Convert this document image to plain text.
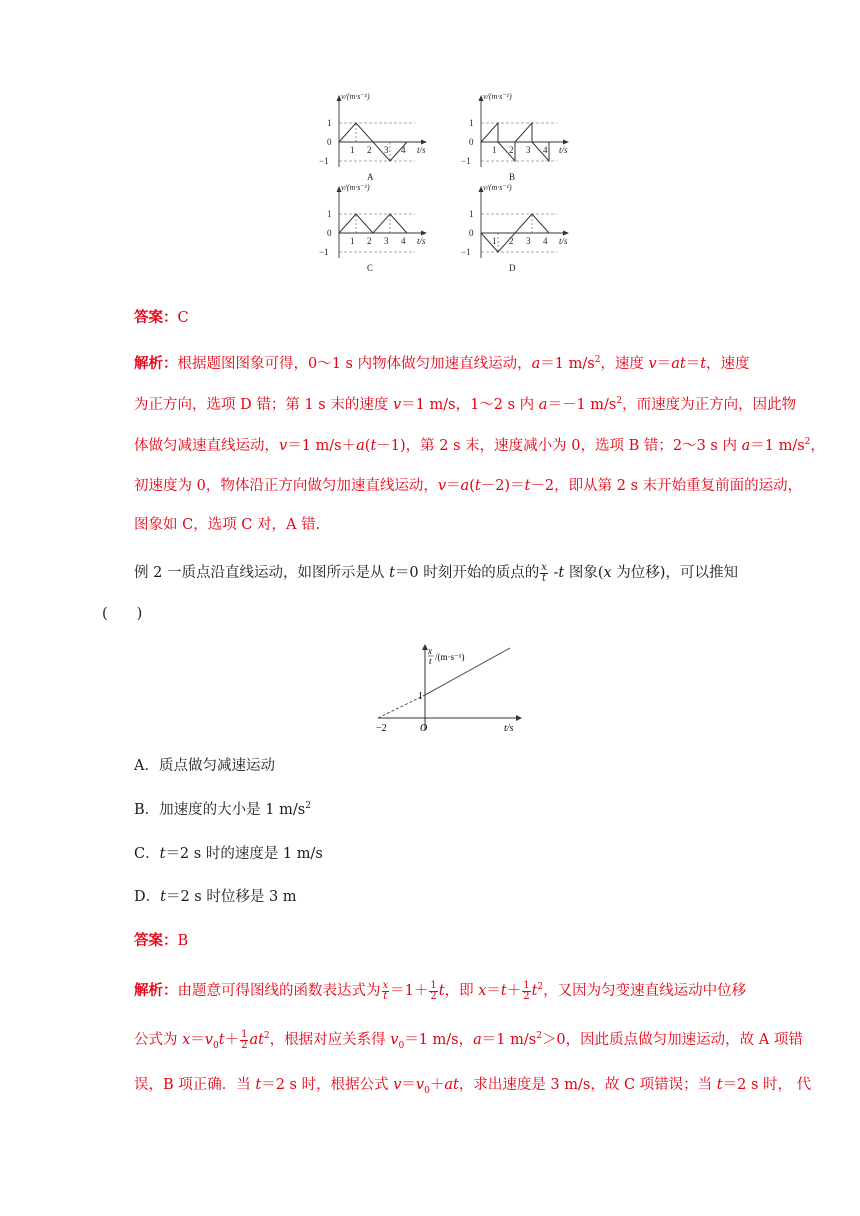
1
0
−1
1 2 3 4
v/(m·s⁻¹)
t/s
A
1
0
−1
1 2 3 4
v/(m·s⁻¹)
t/s
B
1
0
−1
1 2 3 4
v/(m·s⁻¹)
t/s
C
1
0
−1
1 2 3 4
v/(m·s⁻¹)
t/s
D
答案：C
解析：根据题图图象可得，0～1 s 内物体做匀加速直线运动，a＝1 $m/s^2$，速度 v＝at＝t，速度
为正方向，选项 D 错；第 1 s 末的速度 v＝1 m/s，1～2 s 内 a＝－1 $m/s^2$，而速度为正方向，因此物
体做匀减速直线运动，v＝1 m/s＋a(t－1)，第 2 s 末，速度减小为 0，选项 B 错；2～3 s 内 a＝1 $m/s^2$，
初速度为 0，物体沿正方向做匀加速直线运动，v＝a(t－2)＝t－2，即从第 2 s 末开始重复前面的运动，
图象如 C，选项 C 对，A 错.
例 2 一质点沿直线运动，如图所示是从 t＝0 时刻开始的质点的 $\frac{x}{t} -t$ 图象(x 为位移)，可以推知
(　　)
x
t /(m·s⁻¹)
1
O
−2	t/s
A．质点做匀减速运动
B．加速度的大小是 1 $m/s^2$
C．t＝2 s 时的速度是 1 m/s
D．t＝2 s 时位移是 3 m
答案：B
解析：由题意可得图线的函数表达式为 $\frac{x}{t} =1+ \frac{1}{2}$ t，即 $x=t+ \frac{1}{2} t^2$，又因为匀变速直线运动中位移
公式为 $x=v_0t+ \frac{1}{2} at^2$，根据对应关系得 $v_0=1$ m/s，a＝1 $m/s^2>0$，因此质点做匀加速运动，故 A 项错
误，B 项正确．当 t＝2 s 时，根据公式 $v=v_0+at$，求出速度是 3 m/s，故 C 项错误；当 t＝2 s 时， 代
